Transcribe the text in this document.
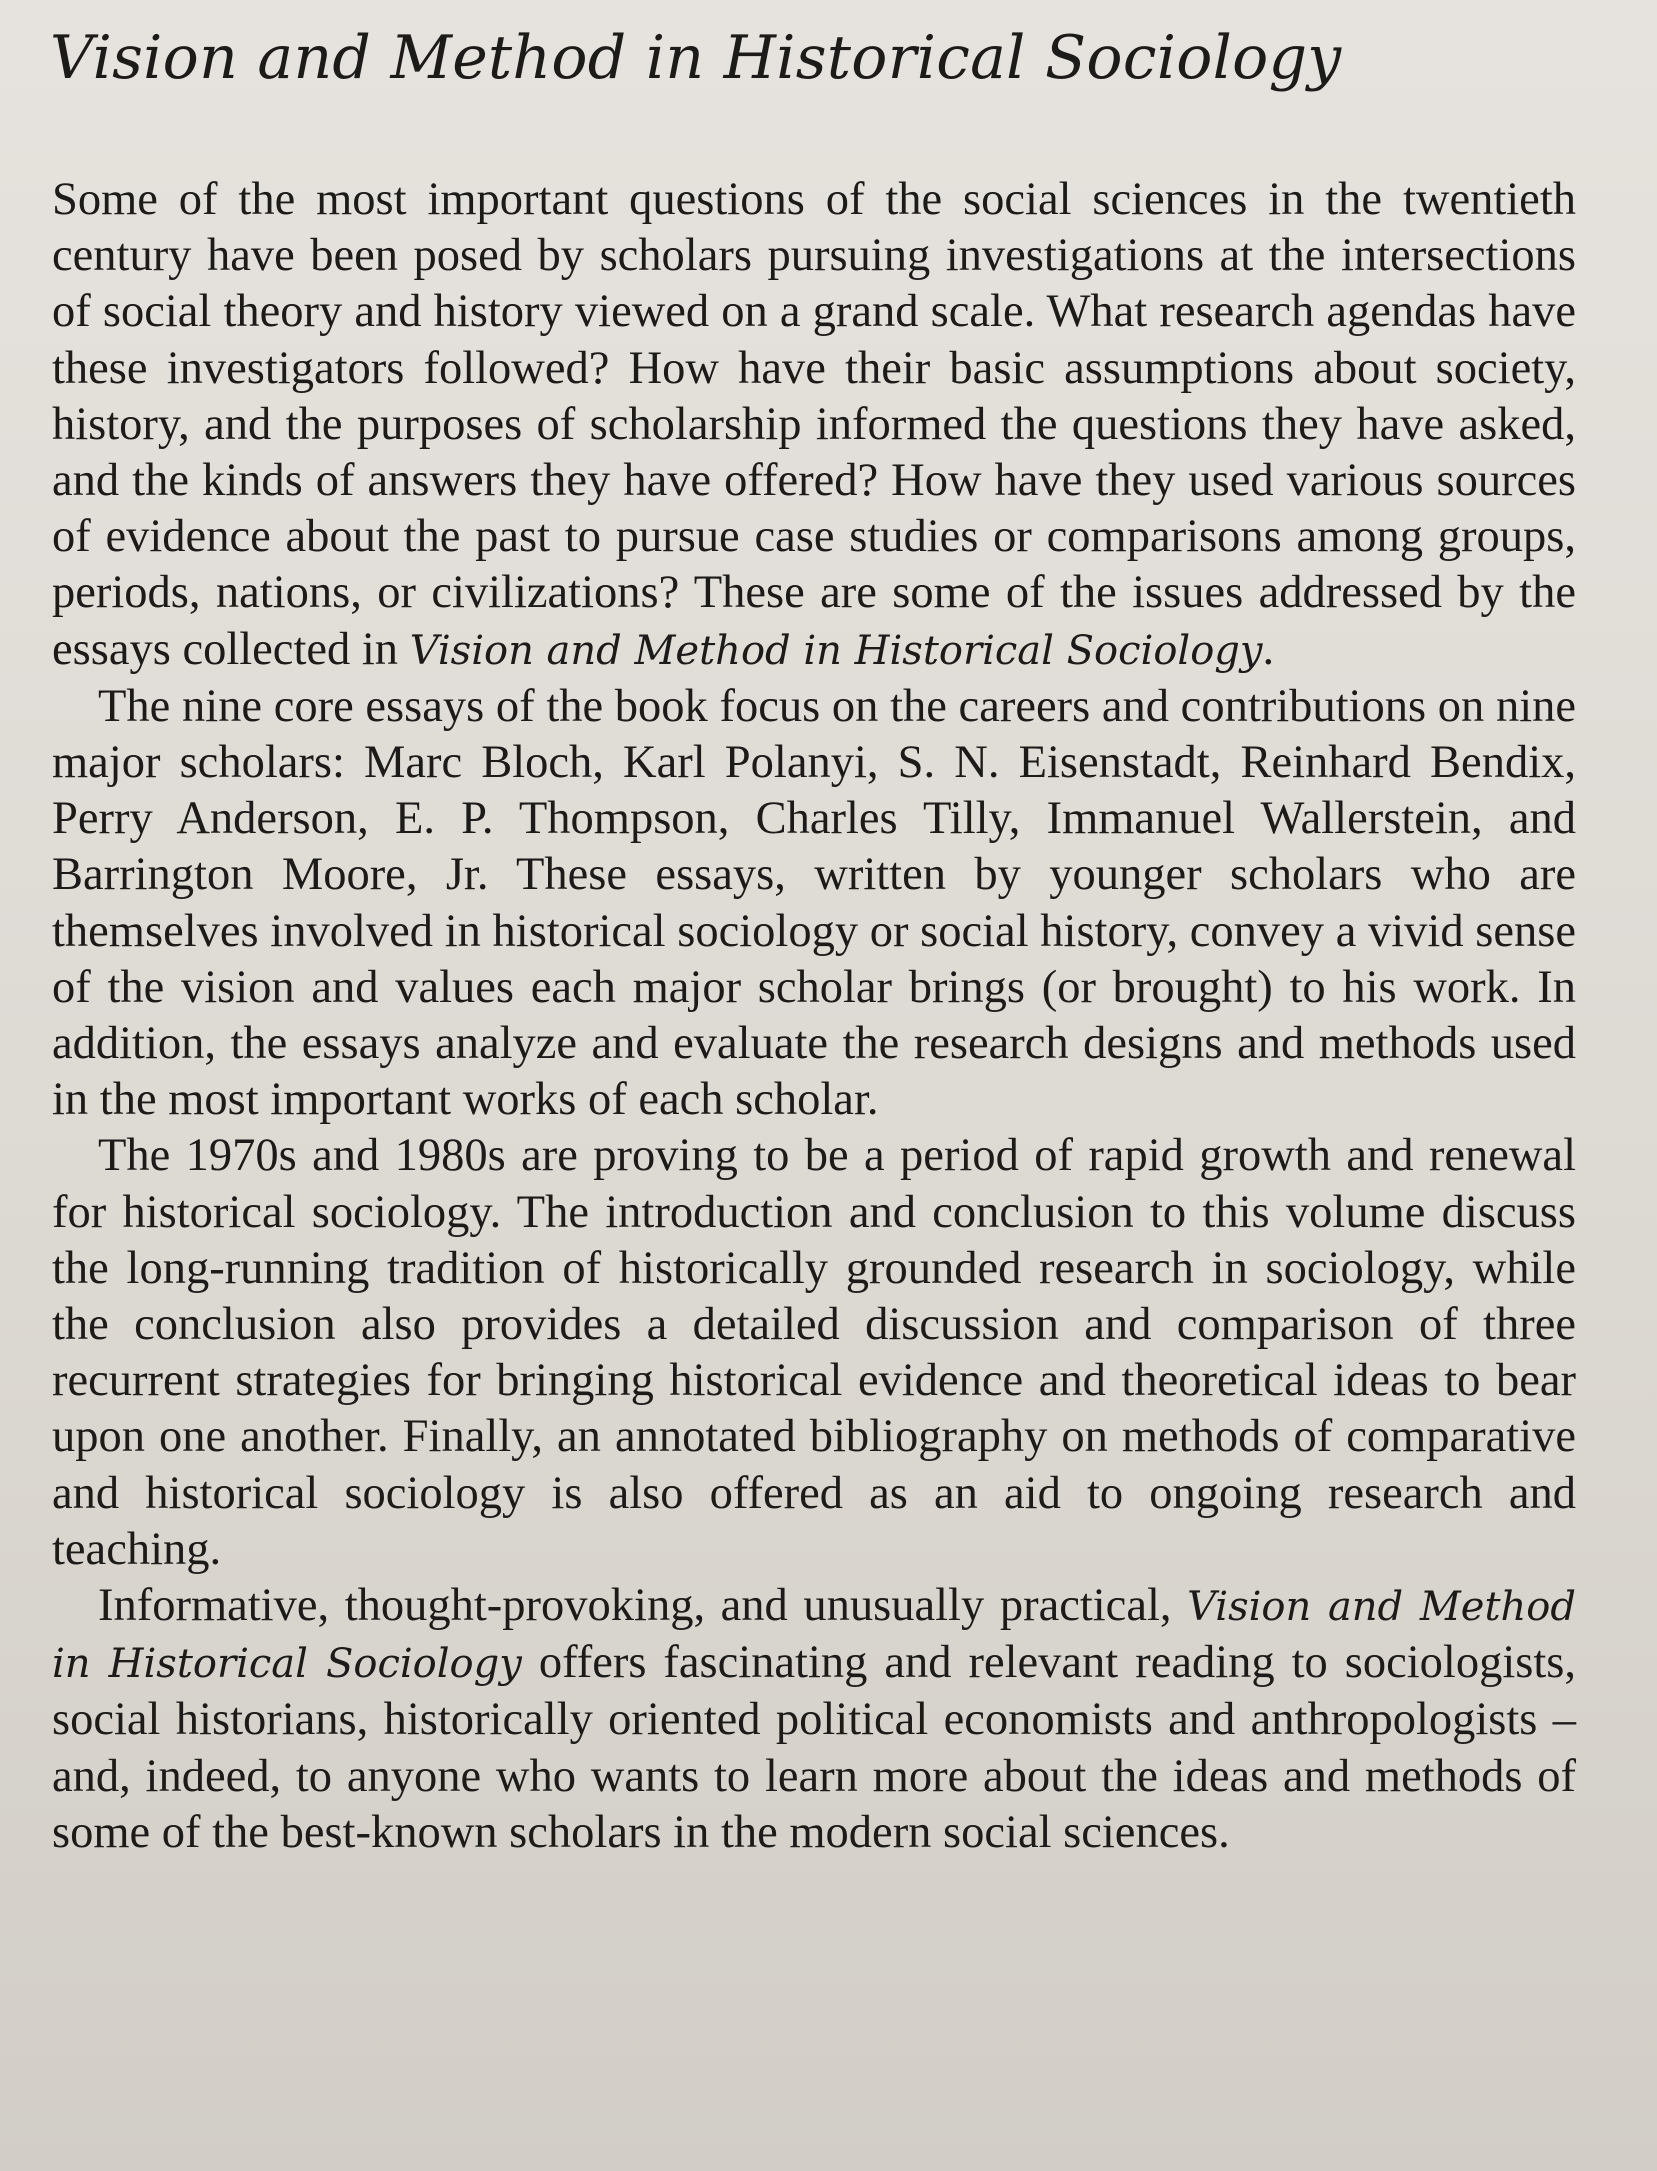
Vision and Method in Historical Sociology

Some of the most important questions of the social sciences in the twentieth century have been posed by scholars pursuing investigations at the intersections of social theory and history viewed on a grand scale. What research agendas have these investigators followed? How have their basic assumptions about society, history, and the purposes of scholarship informed the questions they have asked, and the kinds of answers they have offered? How have they used various sources of evidence about the past to pursue case studies or comparisons among groups, periods, nations, or civilizations? These are some of the issues addressed by the essays collected in Vision and Method in Historical Sociology.

The nine core essays of the book focus on the careers and contributions on nine major scholars: Marc Bloch, Karl Polanyi, S. N. Eisenstadt, Reinhard Bendix, Perry Anderson, E. P. Thompson, Charles Tilly, Immanuel Wallerstein, and Barrington Moore, Jr. These essays, written by younger scholars who are themselves involved in historical sociology or social history, convey a vivid sense of the vision and values each major scholar brings (or brought) to his work. In addition, the essays analyze and evaluate the research designs and methods used in the most important works of each scholar.

The 1970s and 1980s are proving to be a period of rapid growth and renewal for historical sociology. The introduction and conclusion to this volume discuss the long-running tradition of historically grounded research in sociology, while the conclusion also provides a detailed discussion and comparison of three recurrent strategies for bringing historical evidence and theoretical ideas to bear upon one another. Finally, an annotated bibliography on methods of comparative and historical sociology is also offered as an aid to ongoing research and teaching.

Informative, thought-provoking, and unusually practical, Vision and Method in Historical Sociology offers fascinating and relevant reading to sociologists, social historians, historically oriented political economists and anthropologists – and, indeed, to anyone who wants to learn more about the ideas and methods of some of the best-known scholars in the modern social sciences.
